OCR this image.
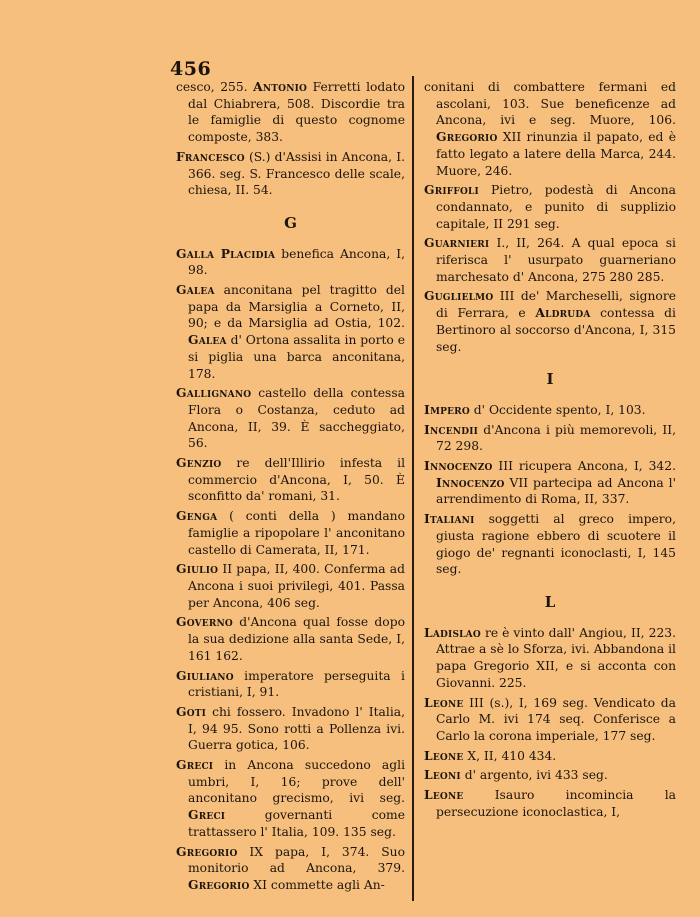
456
cesco, 255. Antonio Ferretti lodato dal Chiabrera, 508. Discordie tra le famiglie di questo cognome composte, 383.
Francesco (S.) d'Assisi in Ancona, I. 366. seg. S. Francesco delle scale, chiesa, II. 54.
G
Galla Placidia benefica Ancona, I, 98.
Galea anconitana pel tragitto del papa da Marsiglia a Corneto, II, 90; e da Marsiglia ad Ostia, 102. Galea d' Ortona assalita in porto e si piglia una barca anconitana, 178.
Gallignano castello della contessa Flora o Costanza, ceduto ad Ancona, II, 39. È saccheggiato, 56.
Genzio re dell'Illirio infesta il commercio d'Ancona, I, 50. È sconfitto da' romani, 31.
Genga ( conti della ) mandano famiglie a ripopolare l' anconitano castello di Camerata, II, 171.
Giulio II papa, II, 400. Conferma ad Ancona i suoi privilegi, 401. Passa per Ancona, 406 seg.
Governo d'Ancona qual fosse dopo la sua dedizione alla santa Sede, I, 161 162.
Giuliano imperatore perseguita i cristiani, I, 91.
Goti chi fossero. Invadono l' Italia, I, 94 95. Sono rotti a Pollenza ivi. Guerra gotica, 106.
Greci in Ancona succedono agli umbri, I, 16; prove dell' anconitano grecismo, ivi seg. Greci governanti come trattassero l' Italia, 109. 135 seg.
Gregorio IX papa, I, 374. Suo monitorio ad Ancona, 379. Gregorio XI commette agli An-
conitani di combattere fermani ed ascolani, 103. Sue beneficenze ad Ancona, ivi e seg. Muore, 106. Gregorio XII rinunzia il papato, ed è fatto legato a latere della Marca, 244. Muore, 246.
Griffoli Pietro, podestà di Ancona condannato, e punito di supplizio capitale, II 291 seg.
Guarnieri I., II, 264. A qual epoca si riferisca l' usurpato guarneriano marchesato d' Ancona, 275 280 285.
Guglielmo III de' Marcheselli, signore di Ferrara, e Aldruda contessa di Bertinoro al soccorso d'Ancona, I, 315 seg.
I
Impero d' Occidente spento, I, 103.
Incendii d'Ancona i più memorevoli, II, 72 298.
Innocenzo III ricupera Ancona, I, 342. Innocenzo VII partecipa ad Ancona l' arrendimento di Roma, II, 337.
Italiani soggetti al greco impero, giusta ragione ebbero di scuotere il giogo de' regnanti iconoclasti, I, 145 seg.
L
Ladislao re è vinto dall' Angiou, II, 223. Attrae a sè lo Sforza, ivi. Abbandona il papa Gregorio XII, e si acconta con Giovanni. 225.
Leone III (s.), I, 169 seg. Vendicato da Carlo M. ivi 174 seq. Conferisce a Carlo la corona imperiale, 177 seg.
Leone X, II, 410 434.
Leoni d' argento, ivi 433 seg.
Leone Isauro incomincia la persecuzione iconoclastica, I,
